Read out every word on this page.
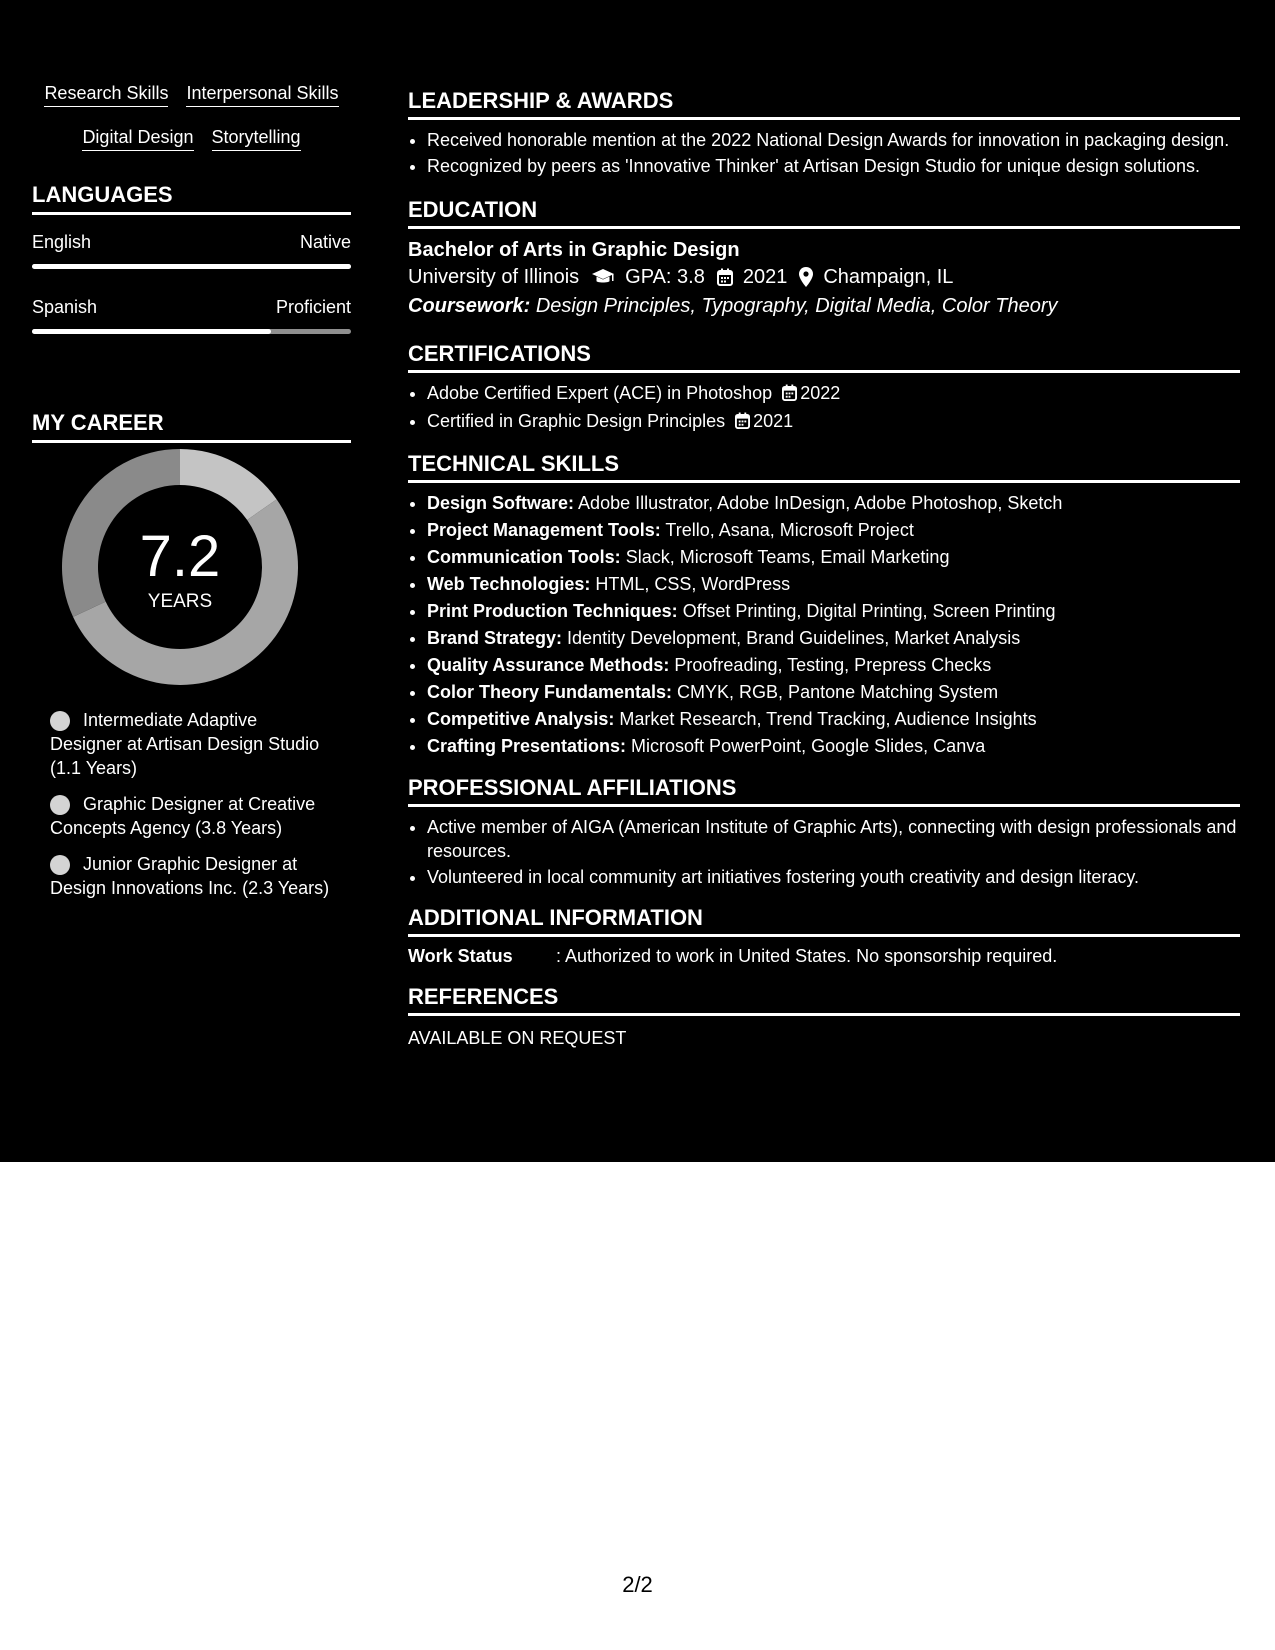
Research Skills Interpersonal Skills
Digital Design Storytelling
LANGUAGES
English	Native
Spanish	Proficient
MY CAREER
7.2
YEARS
Intermediate Adaptive Designer at Artisan Design Studio (1.1 Years)
Graphic Designer at Creative Concepts Agency (3.8 Years)
Junior Graphic Designer at Design Innovations Inc. (2.3 Years)
LEADERSHIP & AWARDS
• Received honorable mention at the 2022 National Design Awards for innovation in packaging design.
• Recognized by peers as 'Innovative Thinker' at Artisan Design Studio for unique design solutions.
EDUCATION
Bachelor of Arts in Graphic Design
University of Illinois GPA: 3.8 2021 Champaign, IL
Coursework: Design Principles, Typography, Digital Media, Color Theory
CERTIFICATIONS
• Adobe Certified Expert (ACE) in Photoshop 2022
• Certified in Graphic Design Principles 2021
TECHNICAL SKILLS
• Design Software: Adobe Illustrator, Adobe InDesign, Adobe Photoshop, Sketch
• Project Management Tools: Trello, Asana, Microsoft Project
• Communication Tools: Slack, Microsoft Teams, Email Marketing
• Web Technologies: HTML, CSS, WordPress
• Print Production Techniques: Offset Printing, Digital Printing, Screen Printing
• Brand Strategy: Identity Development, Brand Guidelines, Market Analysis
• Quality Assurance Methods: Proofreading, Testing, Prepress Checks
• Color Theory Fundamentals: CMYK, RGB, Pantone Matching System
• Competitive Analysis: Market Research, Trend Tracking, Audience Insights
• Crafting Presentations: Microsoft PowerPoint, Google Slides, Canva
PROFESSIONAL AFFILIATIONS
• Active member of AIGA (American Institute of Graphic Arts), connecting with design professionals and resources.
• Volunteered in local community art initiatives fostering youth creativity and design literacy.
ADDITIONAL INFORMATION
Work Status	: Authorized to work in United States. No sponsorship required.
REFERENCES
AVAILABLE ON REQUEST
2/2
